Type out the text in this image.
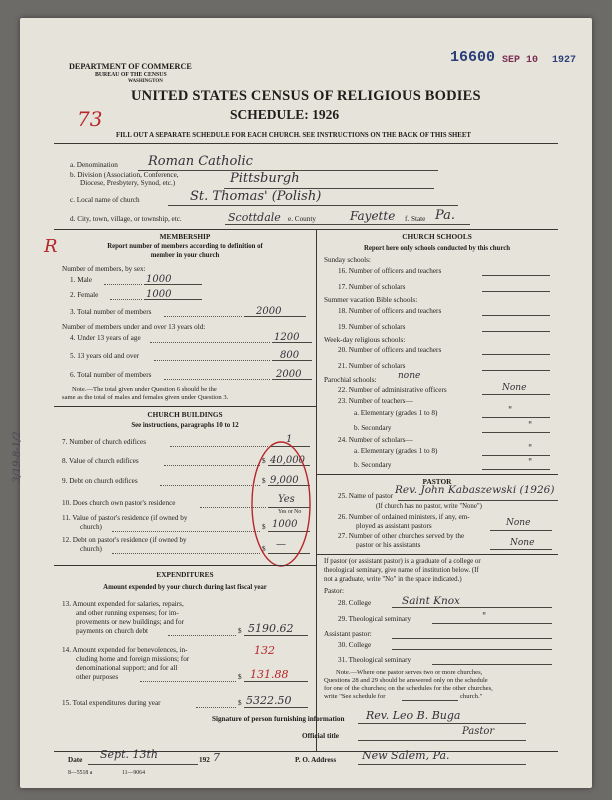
DEPARTMENT OF COMMERCE
BUREAU OF THE CENSUS
WASHINGTON
16600 SEP 10 1927
UNITED STATES CENSUS OF RELIGIOUS BODIES
SCHEDULE: 1926
73
FILL OUT A SEPARATE SCHEDULE FOR EACH CHURCH. SEE INSTRUCTIONS ON THE BACK OF THIS SHEET
a. Denomination Roman Catholic
b. Division (Association, Conference,
Diocese, Presbytery, Synod, etc.)	Pittsburgh
c. Local name of church	St. Thomas' (Polish)
d. City, town, village, or township, etc.	Scottdale e. County	Fayette f. State Pa.
R	MEMBERSHIP
Report number of members according to definition of
member in your church
Number of members, by sex:
1. Male	1000
2. Female	1000
3. Total number of members	2000
Number of members under and over 13 years old:
4. Under 13 years of age	1200
5. 13 years old and over	800
6. Total number of members	2000
Note.—The total given under Question 6 should be the
same as the total of males and females given under Question 3.
CHURCH BUILDINGS
See instructions, paragraphs 10 to 12
7. Number of church edifices	1
8. Value of church edifices	$ 40,000
9. Debt on church edifices	$ 9,000
10. Does church own pastor's residence	Yes
Yes or No
11. Value of pastor's residence (if owned by
church)	$ 1000
12. Debt on pastor's residence (if owned by
church)	$ —
EXPENDITURES
Amount expended by your church during last fiscal year
13. Amount expended for salaries, repairs,
and other running expenses; for im-
provements or new buildings; and for
payments on church debt	$ 5190.62
14. Amount expended for benevolences, in-
cluding home and foreign missions; for
denominational support; and for all
other purposes
132
$ 131.88
15. Total expenditures during year	$ 5322.50
CHURCH SCHOOLS
Report here only schools conducted by this church
Sunday schools:
16. Number of officers and teachers
17. Number of scholars
Summer vacation Bible schools:
18. Number of officers and teachers
19. Number of scholars
Week-day religious schools:
20. Number of officers and teachers
21. Number of scholars
Parochial schools: none
22. Number of administrative officers	None
23. Number of teachers—
a. Elementary (grades 1 to 8)	"
b. Secondary	"
24. Number of scholars—
a. Elementary (grades 1 to 8)	"
b. Secondary	"
PASTOR
25. Name of pastor Rev. John Kabaszewski (1926)
(If church has no pastor, write "None")
26. Number of ordained ministers, if any, em-
ployed as assistant pastors	None
27. Number of other churches served by the
pastor or his assistants	None
If pastor (or assistant pastor) is a graduate of a college or
theological seminary, give name of institution below. (If
not a graduate, write "No" in the space indicated.)
Pastor:
28. College	Saint Knox
29. Theological seminary	"
Assistant pastor:
30. College
31. Theological seminary
Note.—Where one pastor serves two or more churches,
Questions 28 and 29 should be answered only on the schedule
for one of the churches; on the schedules for the other churches,
write "See schedule for	church."
Signature of person furnishing information Rev. Leo B. Buga
Official title	Pastor
Date Sept. 13th	192 7	P. O. Address New Salem, Pa.
8—5518 a	11—9064
3/19-8-1/2
